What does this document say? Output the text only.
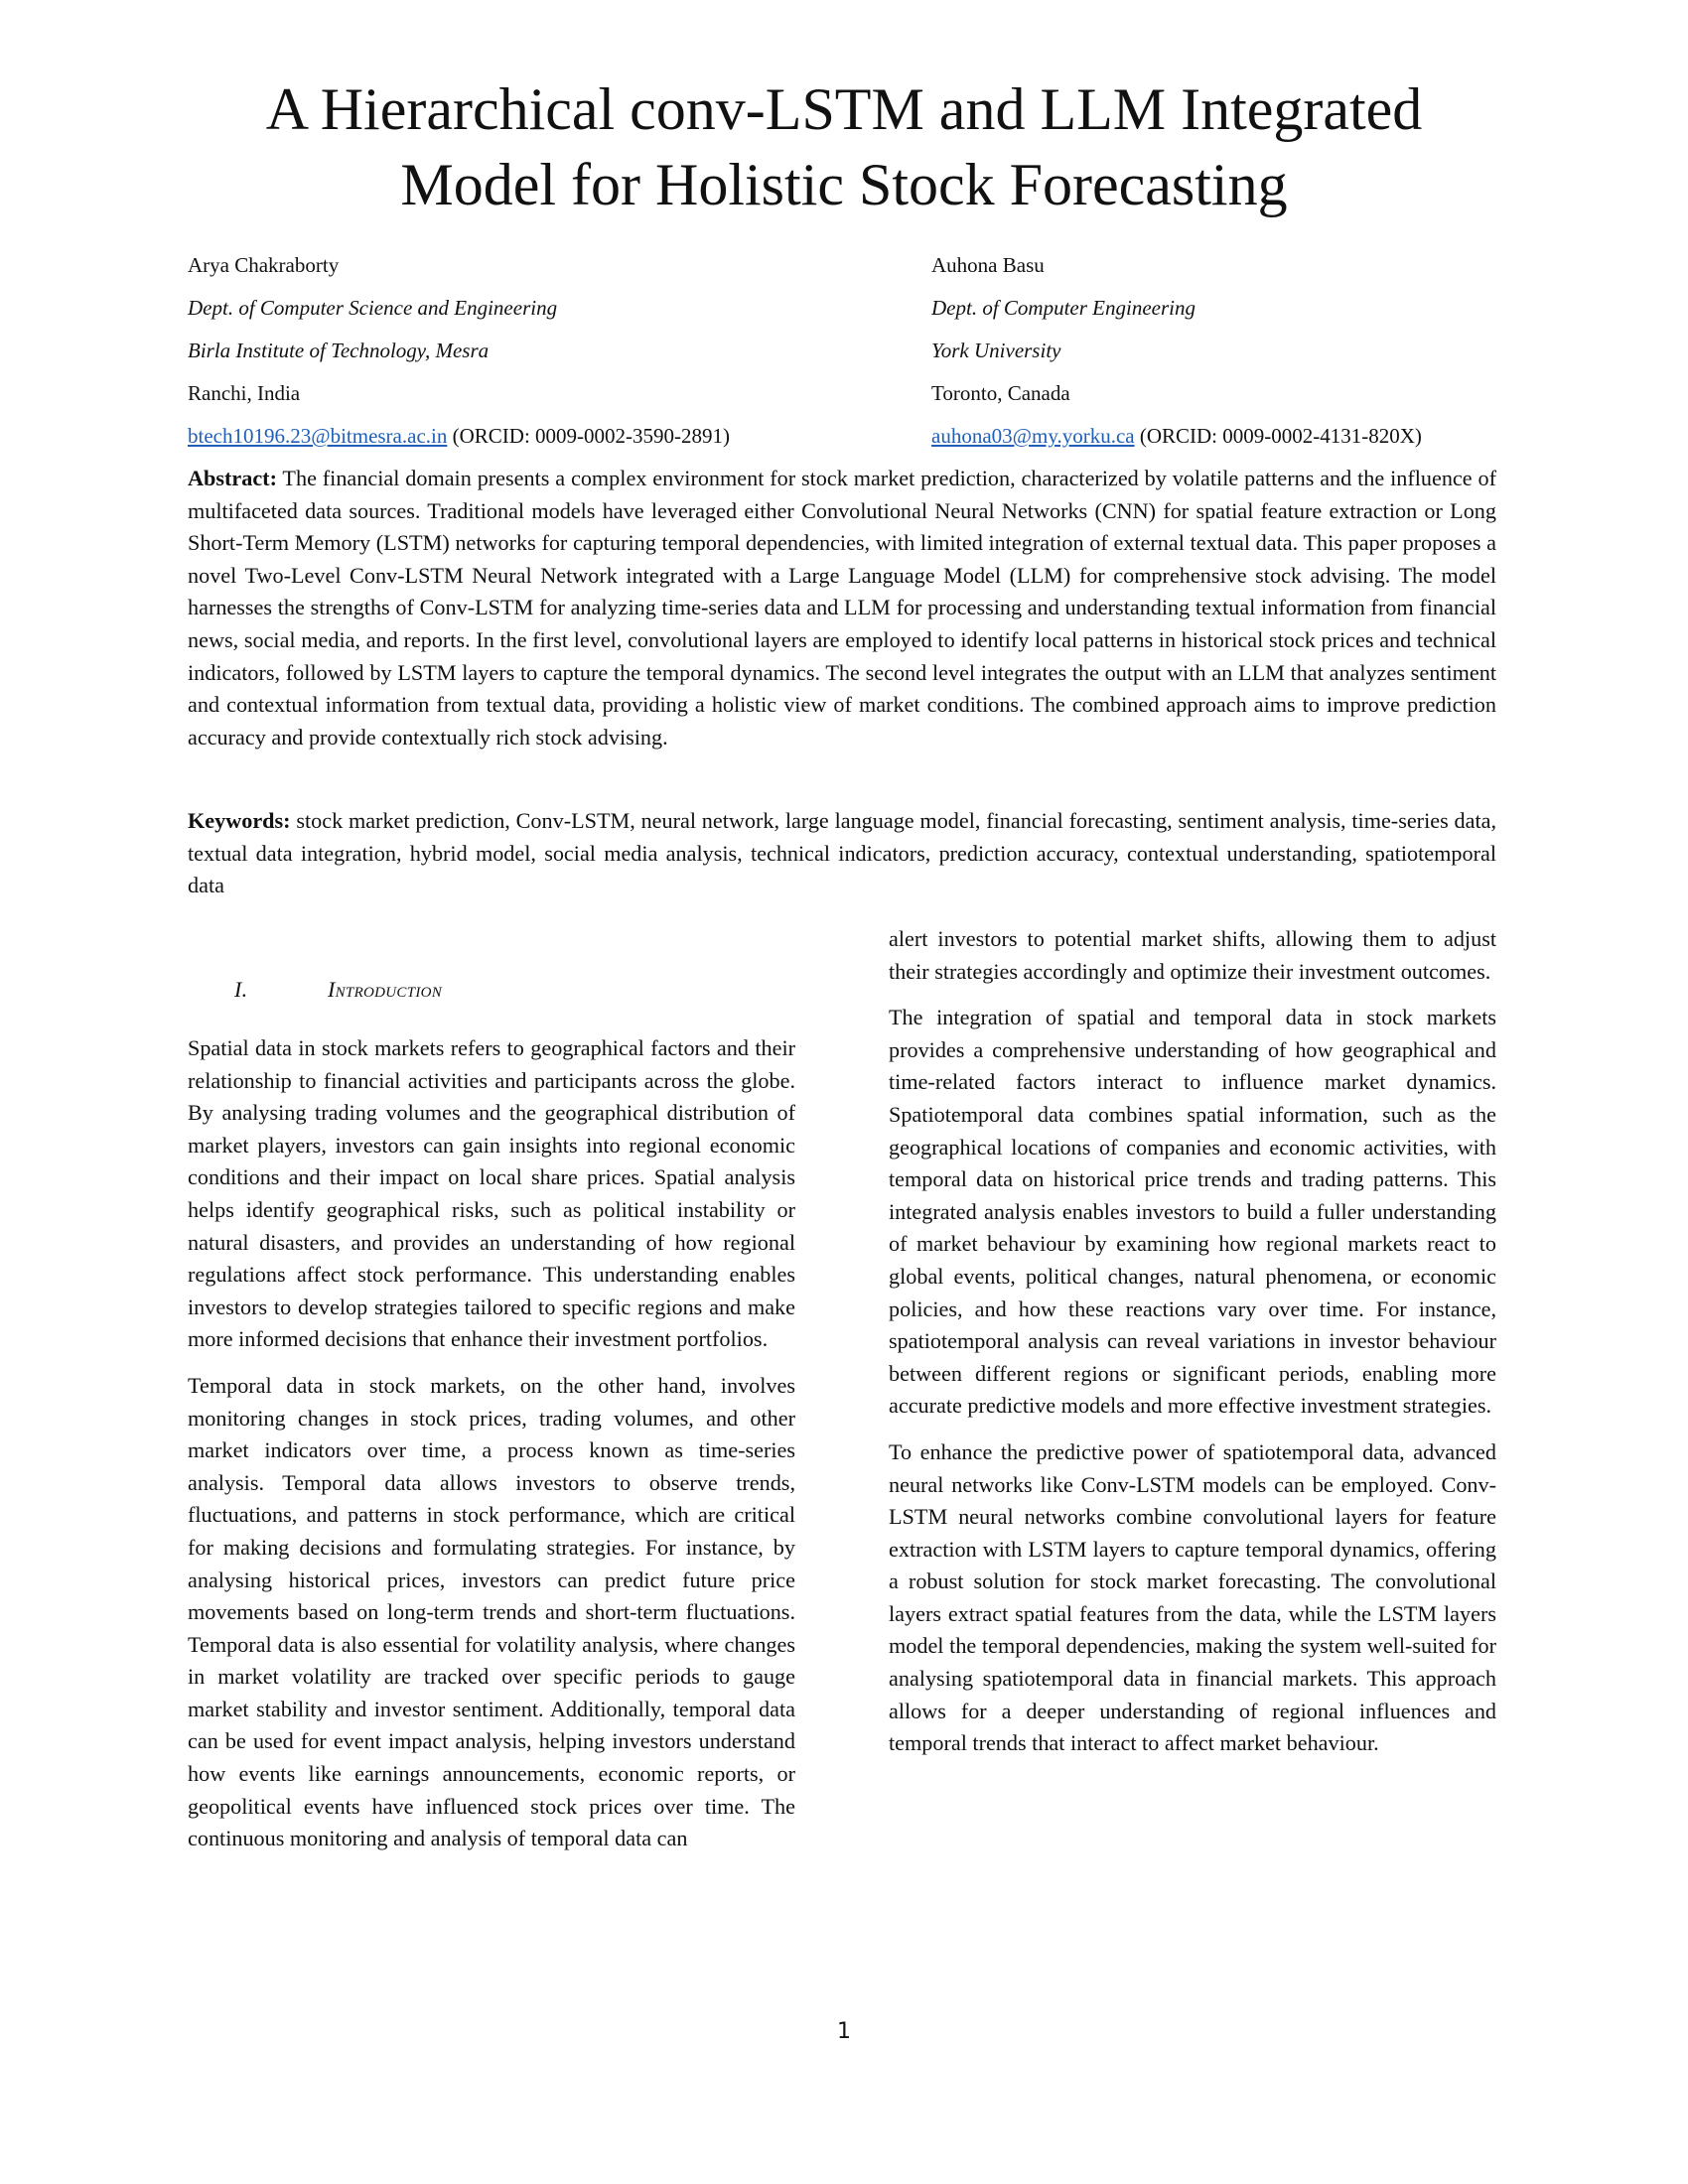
A Hierarchical conv-LSTM and LLM Integrated
Model for Holistic Stock Forecasting
Arya Chakraborty
Dept. of Computer Science and Engineering
Birla Institute of Technology, Mesra
Ranchi, India
btech10196.23@bitmesra.ac.in (ORCID: 0009-0002-3590-2891)
Auhona Basu
Dept. of Computer Engineering
York University
Toronto, Canada
auhona03@my.yorku.ca (ORCID: 0009-0002-4131-820X)

Abstract: The financial domain presents a complex environment for stock market prediction, characterized by volatile patterns and the influence of multifaceted data sources. Traditional models have leveraged either Convolutional Neural Networks (CNN) for spatial feature extraction or Long Short-Term Memory (LSTM) networks for capturing temporal dependencies, with limited integration of external textual data. This paper proposes a novel Two-Level Conv-LSTM Neural Network integrated with a Large Language Model (LLM) for comprehensive stock advising. The model harnesses the strengths of Conv-LSTM for analyzing time-series data and LLM for processing and understanding textual information from financial news, social media, and reports. In the first level, convolutional layers are employed to identify local patterns in historical stock prices and technical indicators, followed by LSTM layers to capture the temporal dynamics. The second level integrates the output with an LLM that analyzes sentiment and contextual information from textual data, providing a holistic view of market conditions. The combined approach aims to improve prediction accuracy and provide contextually rich stock advising.

Keywords: stock market prediction, Conv-LSTM, neural network, large language model, financial forecasting, sentiment analysis, time-series data, textual data integration, hybrid model, social media analysis, technical indicators, prediction accuracy, contextual understanding, spatiotemporal data

I.	Introduction

Spatial data in stock markets refers to geographical factors and their relationship to financial activities and participants across the globe. By analysing trading volumes and the geographical distribution of market players, investors can gain insights into regional economic conditions and their impact on local share prices. Spatial analysis helps identify geographical risks, such as political instability or natural disasters, and provides an understanding of how regional regulations affect stock performance. This understanding enables investors to develop strategies tailored to specific regions and make more informed decisions that enhance their investment portfolios.

Temporal data in stock markets, on the other hand, involves monitoring changes in stock prices, trading volumes, and other market indicators over time, a process known as time-series analysis. Temporal data allows investors to observe trends, fluctuations, and patterns in stock performance, which are critical for making decisions and formulating strategies. For instance, by analysing historical prices, investors can predict future price movements based on long-term trends and short-term fluctuations. Temporal data is also essential for volatility analysis, where changes in market volatility are tracked over specific periods to gauge market stability and investor sentiment. Additionally, temporal data can be used for event impact analysis, helping investors understand how events like earnings announcements, economic reports, or geopolitical events have influenced stock prices over time. The continuous monitoring and analysis of temporal data can

alert investors to potential market shifts, allowing them to adjust their strategies accordingly and optimize their investment outcomes.

The integration of spatial and temporal data in stock markets provides a comprehensive understanding of how geographical and time-related factors interact to influence market dynamics. Spatiotemporal data combines spatial information, such as the geographical locations of companies and economic activities, with temporal data on historical price trends and trading patterns. This integrated analysis enables investors to build a fuller understanding of market behaviour by examining how regional markets react to global events, political changes, natural phenomena, or economic policies, and how these reactions vary over time. For instance, spatiotemporal analysis can reveal variations in investor behaviour between different regions or significant periods, enabling more accurate predictive models and more effective investment strategies.

To enhance the predictive power of spatiotemporal data, advanced neural networks like Conv-LSTM models can be employed. Conv-LSTM neural networks combine convolutional layers for feature extraction with LSTM layers to capture temporal dynamics, offering a robust solution for stock market forecasting. The convolutional layers extract spatial features from the data, while the LSTM layers model the temporal dependencies, making the system well-suited for analysing spatiotemporal data in financial markets. This approach allows for a deeper understanding of regional influences and temporal trends that interact to affect market behaviour.

1
